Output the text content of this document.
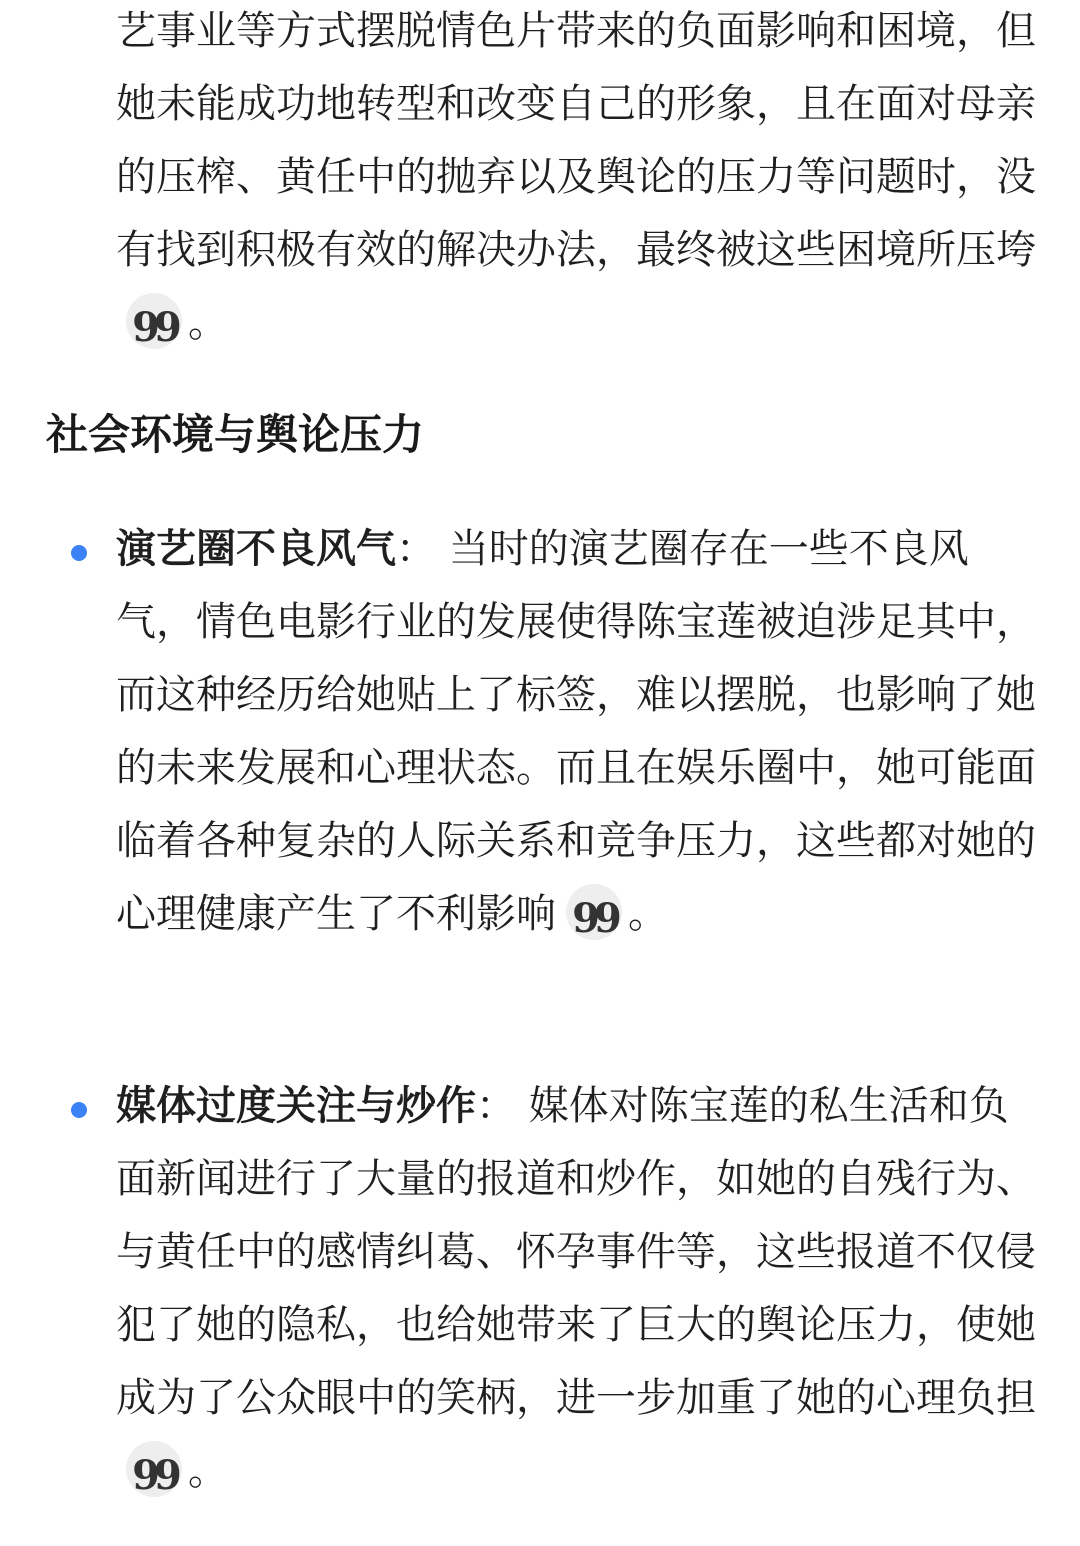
艺事业等方式摆脱情色片带来的负面影响和困境，但她未能成功地转型和改变自己的形象，且在面对母亲的压榨、黄任中的抛弃以及舆论的压力等问题时，没有找到积极有效的解决办法，最终被这些困境所压垮99 。

社会环境与舆论压力

演艺圈不良风气： 当时的演艺圈存在一些不良风气，情色电影行业的发展使得陈宝莲被迫涉足其中，而这种经历给她贴上了标签，难以摆脱，也影响了她的未来发展和心理状态。而且在娱乐圈中，她可能面临着各种复杂的人际关系和竞争压力，这些都对她的心理健康产生了不利影响 99 。

媒体过度关注与炒作： 媒体对陈宝莲的私生活和负面新闻进行了大量的报道和炒作，如她的自残行为、与黄任中的感情纠葛、怀孕事件等，这些报道不仅侵犯了她的隐私，也给她带来了巨大的舆论压力，使她成为了公众眼中的笑柄，进一步加重了她的心理负担99 。
